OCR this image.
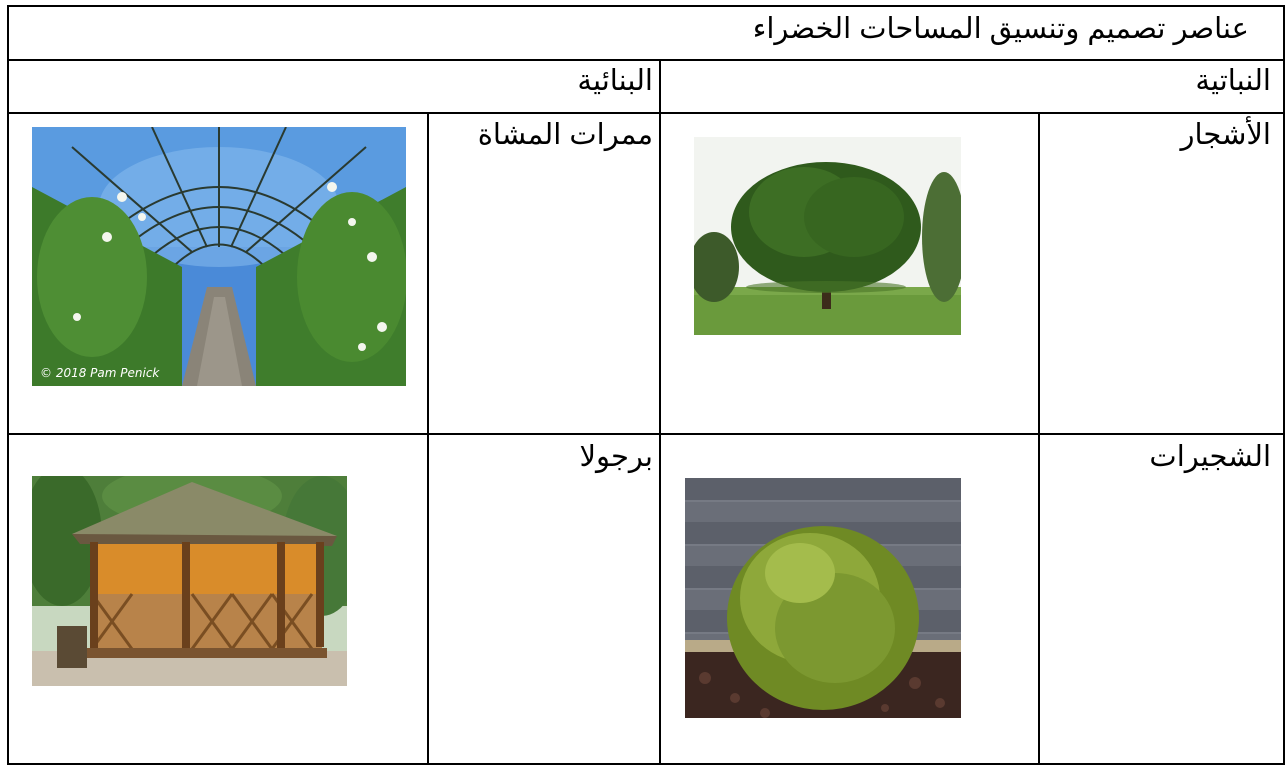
عناصر تصميم وتنسيق المساحات الخضراء
النباتية
البنائية
الأشجار
ممرات المشاة
الشجيرات
برجولا
© 2018 Pam Penick
